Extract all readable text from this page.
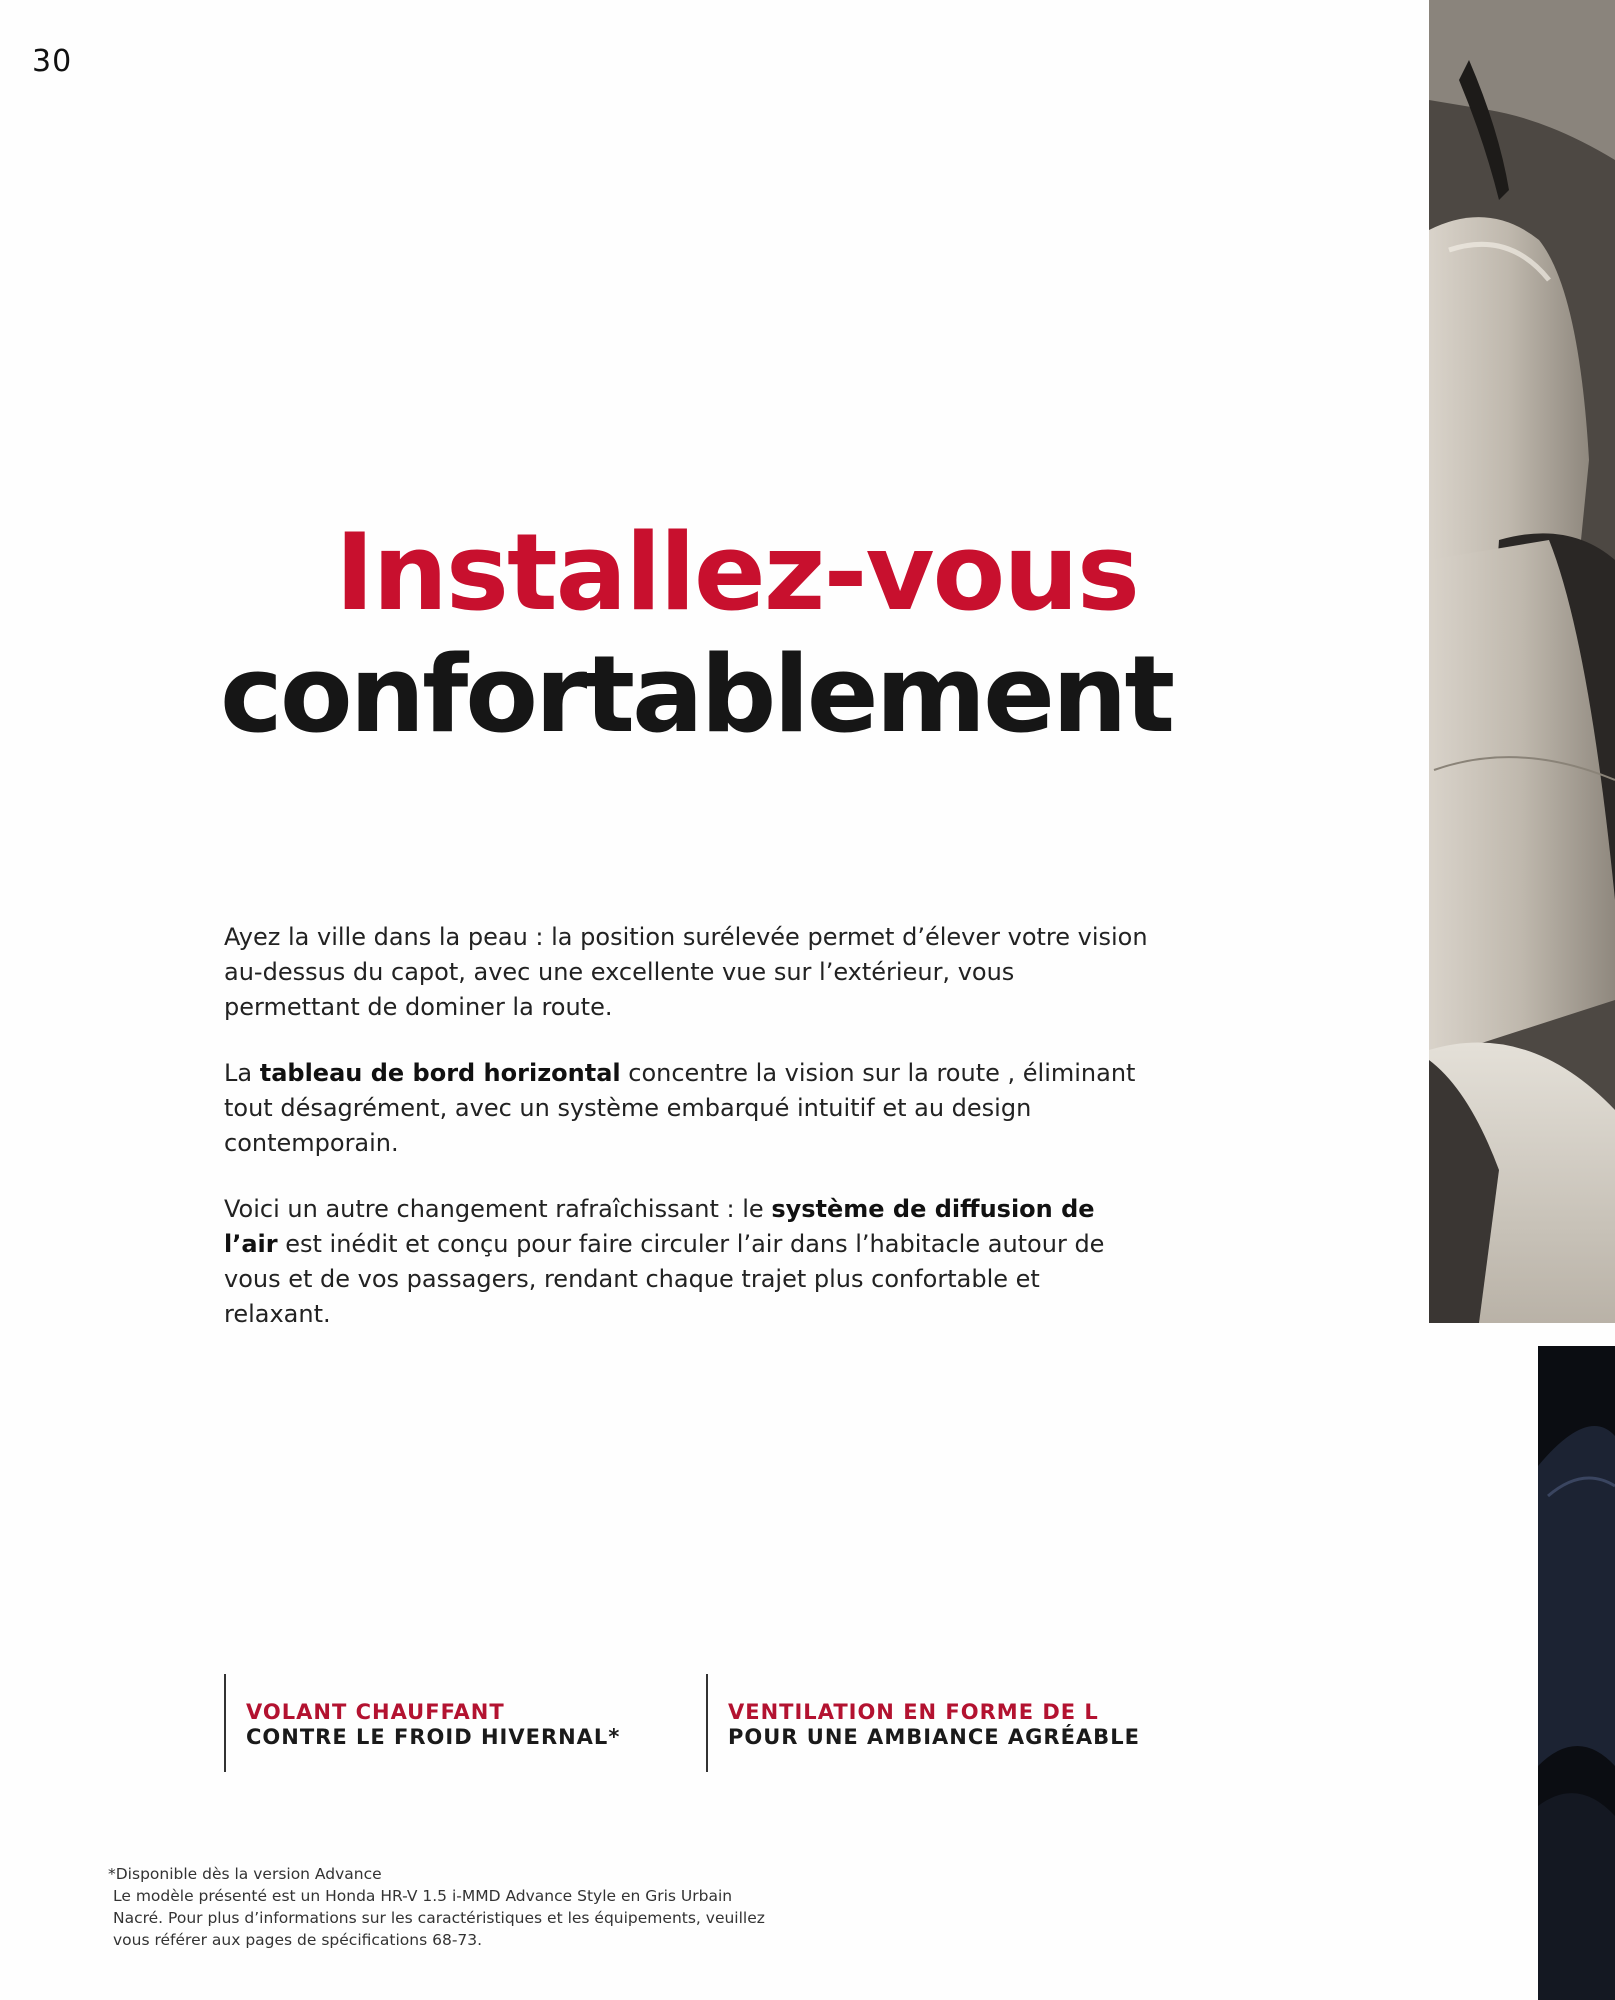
30
Installez-vous
confortablement

Ayez la ville dans la peau : la position surélevée permet d’élever votre vision au-dessus du capot, avec une excellente vue sur l’extérieur, vous permettant de dominer la route.

La tableau de bord horizontal concentre la vision sur la route , éliminant tout désagrément, avec un système embarqué intuitif et au design contemporain.

Voici un autre changement rafraîchissant : le système de diffusion de l’air est inédit et conçu pour faire circuler l’air dans l’habitacle autour de vous et de vos passagers, rendant chaque trajet plus confortable et relaxant.

VOLANT CHAUFFANT
CONTRE LE FROID HIVERNAL*
VENTILATION EN FORME DE L
POUR UNE AMBIANCE AGRÉABLE
*Disponible dès la version Advance
Le modèle présenté est un Honda HR-V 1.5 i-MMD Advance Style en Gris Urbain
Nacré. Pour plus d’informations sur les caractéristiques et les équipements, veuillez
vous référer aux pages de spécifications 68-73.
